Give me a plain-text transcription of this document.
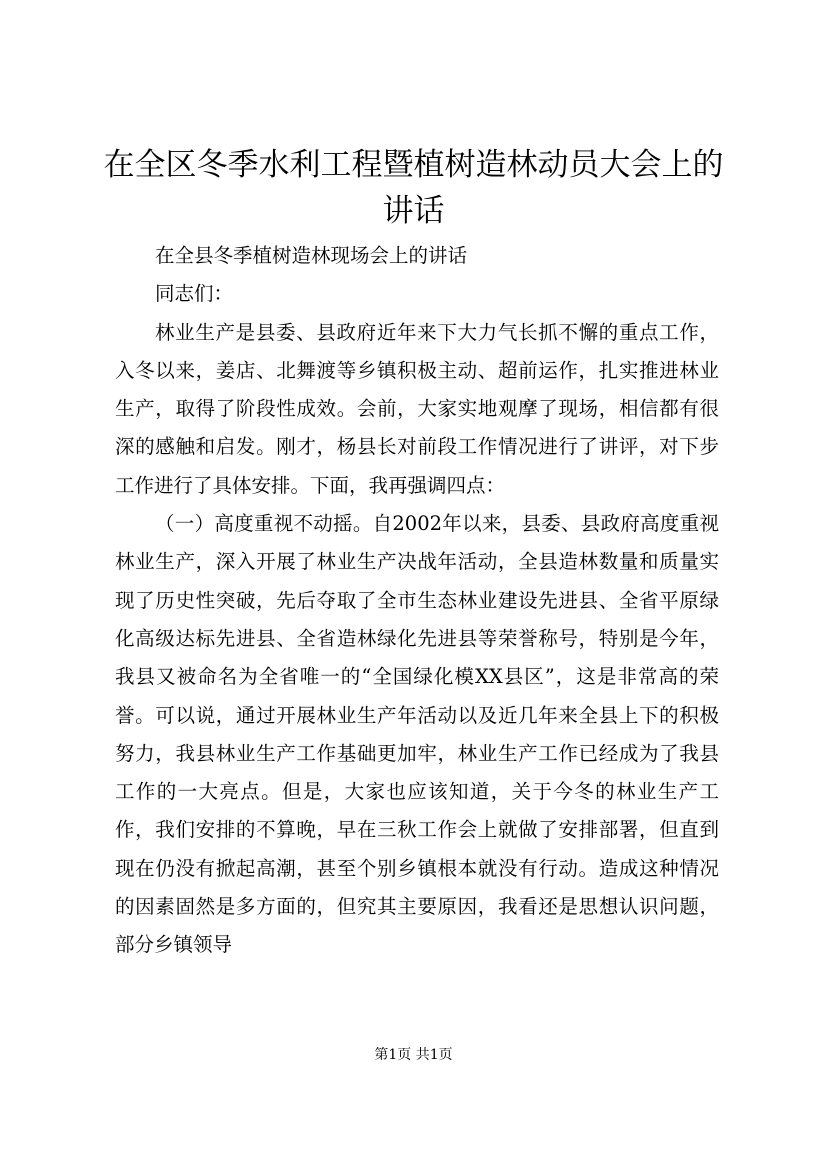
在全区冬季水利工程暨植树造林动员大会上的讲话

在全县冬季植树造林现场会上的讲话

同志们：

林业生产是县委、县政府近年来下大力气长抓不懈的重点工作，入冬以来，姜店、北舞渡等乡镇积极主动、超前运作，扎实推进林业生产，取得了阶段性成效。会前，大家实地观摩了现场，相信都有很深的感触和启发。刚才，杨县长对前段工作情况进行了讲评，对下步工作进行了具体安排。下面，我再强调四点：

（一）高度重视不动摇。自2002年以来，县委、县政府高度重视林业生产，深入开展了林业生产决战年活动，全县造林数量和质量实现了历史性突破，先后夺取了全市生态林业建设先进县、全省平原绿化高级达标先进县、全省造林绿化先进县等荣誉称号，特别是今年，我县又被命名为全省唯一的“全国绿化模XX县区”，这是非常高的荣誉。可以说，通过开展林业生产年活动以及近几年来全县上下的积极努力，我县林业生产工作基础更加牢，林业生产工作已经成为了我县工作的一大亮点。但是，大家也应该知道，关于今冬的林业生产工作，我们安排的不算晚，早在三秋工作会上就做了安排部署，但直到现在仍没有掀起高潮，甚至个别乡镇根本就没有行动。造成这种情况的因素固然是多方面的，但究其主要原因，我看还是思想认识问题，部分乡镇领导

第1页 共1页
